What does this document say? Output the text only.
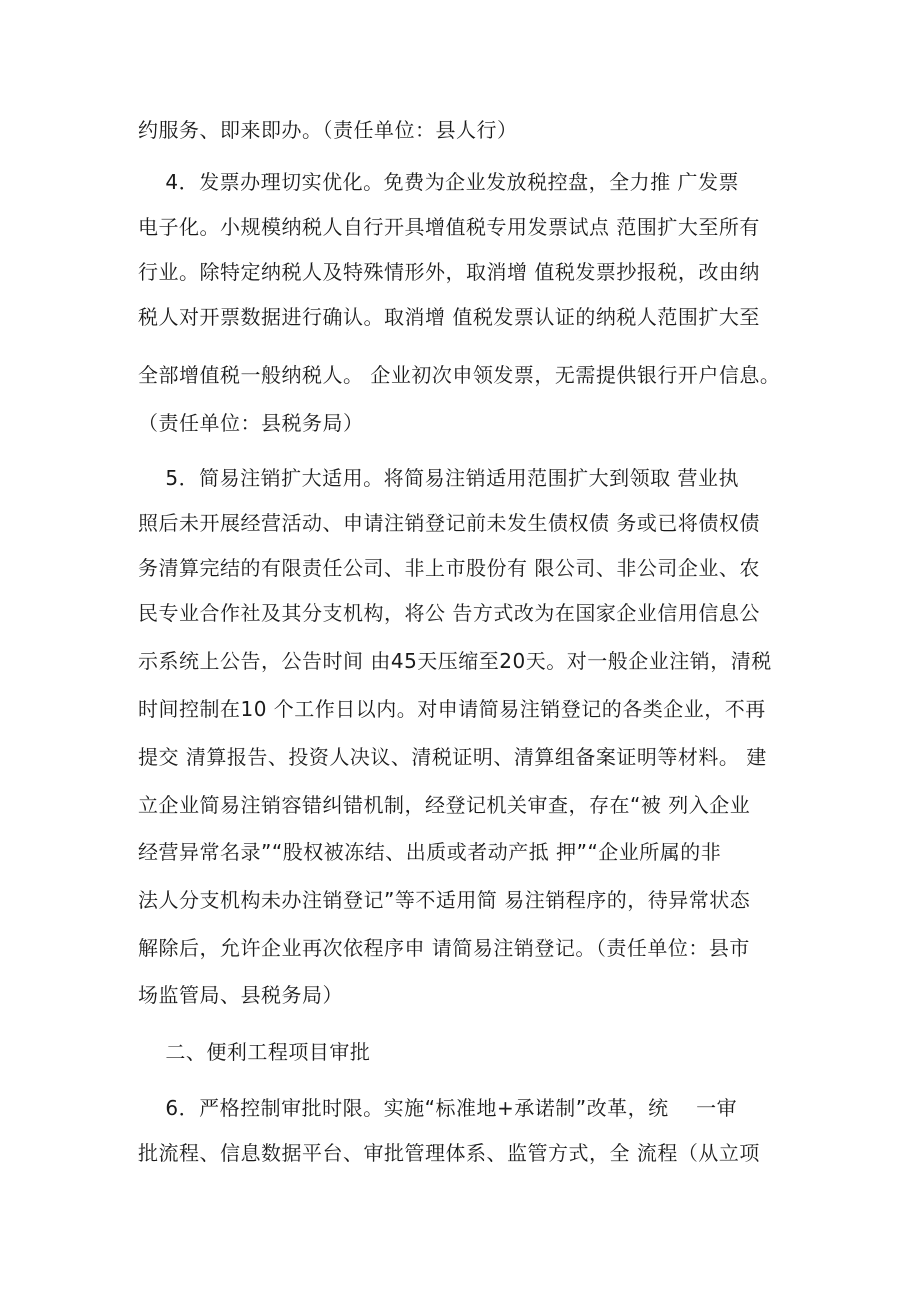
约服务、即来即办。（责任单位：县人行）
4．发票办理切实优化。免费为企业发放税控盘，全力推 广发票
电子化。小规模纳税人自行开具增值税专用发票试点 范围扩大至所有
行业。除特定纳税人及特殊情形外，取消增 值税发票抄报税，改由纳
税人对开票数据进行确认。取消增 值税发票认证的纳税人范围扩大至
全部增值税一般纳税人。 企业初次申领发票，无需提供银行开户信息。
（责任单位：县税务局）
5．简易注销扩大适用。将简易注销适用范围扩大到领取 营业执
照后未开展经营活动、申请注销登记前未发生债权债 务或已将债权债
务清算完结的有限责任公司、非上市股份有 限公司、非公司企业、农
民专业合作社及其分支机构，将公 告方式改为在国家企业信用信息公
示系统上公告，公告时间 由45天压缩至20天。对一般企业注销，清税
时间控制在10 个工作日以内。对申请简易注销登记的各类企业，不再
提交 清算报告、投资人决议、清税证明、清算组备案证明等材料。 建
立企业简易注销容错纠错机制，经登记机关审查，存在“被 列入企业
经营异常名录”“股权被冻结、出质或者动产抵 押”“企业所属的非
法人分支机构未办注销登记”等不适用简 易注销程序的，待异常状态
解除后，允许企业再次依程序申 请简易注销登记。（责任单位：县市
场监管局、县税务局）
二、便利工程项目审批
6．严格控制审批时限。实施“标准地+承诺制”改革，统    一审
批流程、信息数据平台、审批管理体系、监管方式，全 流程（从立项
